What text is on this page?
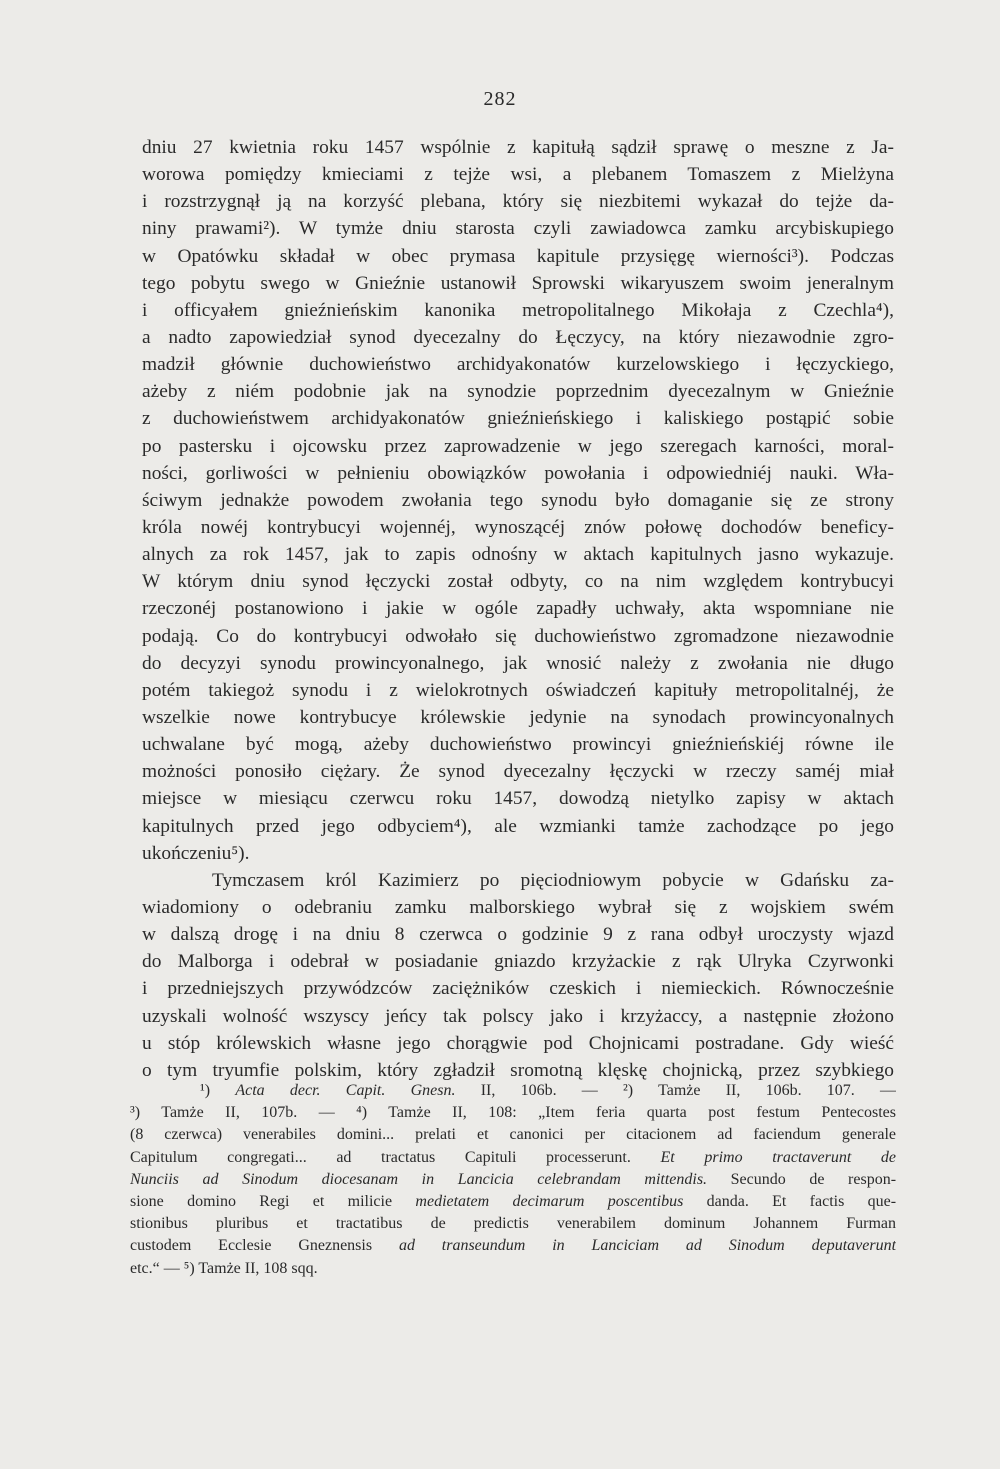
282
dniu 27 kwietnia roku 1457 wspólnie z kapitułą sądził sprawę o meszne z Ja-
worowa pomiędzy kmieciami z tejże wsi, a plebanem Tomaszem z Mielżyna
i rozstrzygnął ją na korzyść plebana, który się niezbitemi wykazał do tejże da-
niny prawami²). W tymże dniu starosta czyli zawiadowca zamku arcybiskupiego
w Opatówku składał w obec prymasa kapitule przysięgę wierności³). Podczas
tego pobytu swego w Gnieźnie ustanowił Sprowski wikaryuszem swoim jeneralnym
i officyałem gnieźnieńskim kanonika metropolitalnego Mikołaja z Czechla⁴),
a nadto zapowiedział synod dyecezalny do Łęczycy, na który niezawodnie zgro-
madził głównie duchowieństwo archidyakonatów kurzelowskiego i łęczyckiego,
ażeby z niém podobnie jak na synodzie poprzednim dyecezalnym w Gnieźnie
z duchowieństwem archidyakonatów gnieźnieńskiego i kaliskiego postąpić sobie
po pastersku i ojcowsku przez zaprowadzenie w jego szeregach karności, moral-
ności, gorliwości w pełnieniu obowiązków powołania i odpowiedniéj nauki. Wła-
ściwym jednakże powodem zwołania tego synodu było domaganie się ze strony
króla nowéj kontrybucyi wojennéj, wynoszącéj znów połowę dochodów beneficy-
alnych za rok 1457, jak to zapis odnośny w aktach kapitulnych jasno wykazuje.
W którym dniu synod łęczycki został odbyty, co na nim względem kontrybucyi
rzeczonéj postanowiono i jakie w ogóle zapadły uchwały, akta wspomniane nie
podają. Co do kontrybucyi odwołało się duchowieństwo zgromadzone niezawodnie
do decyzyi synodu prowincyonalnego, jak wnosić należy z zwołania nie długo
potém takiegoż synodu i z wielokrotnych oświadczeń kapituły metropolitalnéj, że
wszelkie nowe kontrybucye królewskie jedynie na synodach prowincyonalnych
uchwalane być mogą, ażeby duchowieństwo prowincyi gnieźnieńskiéj równe ile
możności ponosiło ciężary. Że synod dyecezalny łęczycki w rzeczy saméj miał
miejsce w miesiącu czerwcu roku 1457, dowodzą nietylko zapisy w aktach
kapitulnych przed jego odbyciem⁴), ale wzmianki tamże zachodzące po jego
ukończeniu⁵).
Tymczasem król Kazimierz po pięciodniowym pobycie w Gdańsku za-
wiadomiony o odebraniu zamku malborskiego wybrał się z wojskiem swém
w dalszą drogę i na dniu 8 czerwca o godzinie 9 z rana odbył uroczysty wjazd
do Malborga i odebrał w posiadanie gniazdo krzyżackie z rąk Ulryka Czyrwonki
i przedniejszych przywódzców zaciężników czeskich i niemieckich. Równocześnie
uzyskali wolność wszyscy jeńcy tak polscy jako i krzyżaccy, a następnie złożono
u stóp królewskich własne jego chorągwie pod Chojnicami postradane. Gdy wieść
o tym tryumfie polskim, który zgładził sromotną klęskę chojnicką, przez szybkiego
¹) Acta decr. Capit. Gnesn. II, 106b. — ²) Tamże II, 106b. 107. —
³) Tamże II, 107b. — ⁴) Tamże II, 108: „Item feria quarta post festum Pentecostes
(8 czerwca) venerabiles domini... prelati et canonici per citacionem ad faciendum generale
Capitulum congregati... ad tractatus Capituli processerunt. Et primo tractaverunt de
Nunciis ad Sinodum diocesanam in Lancicia celebrandam mittendis. Secundo de respon-
sione domino Regi et milicie medietatem decimarum poscentibus danda. Et factis que-
stionibus pluribus et tractatibus de predictis venerabilem dominum Johannem Furman
custodem Ecclesie Gneznensis ad transeundum in Lanciciam ad Sinodum deputaverunt
etc.“ — ⁵) Tamże II, 108 sqq.
